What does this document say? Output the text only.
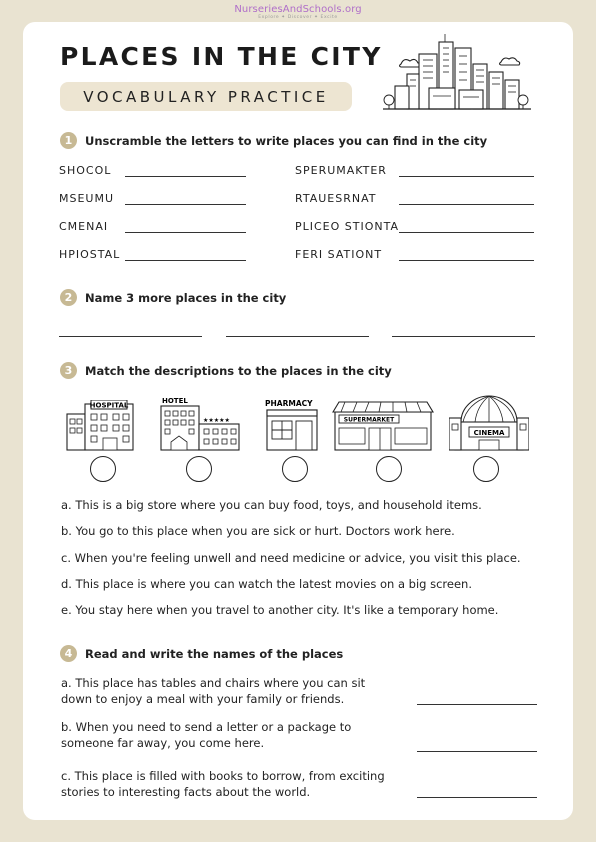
NurseriesAndSchools.org
Explore ✦ Discover ✦ Excite
PLACES IN THE CITY
VOCABULARY PRACTICE
1	Unscramble the letters to write places you can find in the city
SHOCOL
MSEUMU
CMENAI
HPIOSTAL
SPERUMAKTER
RTAUESRNAT
PLICEO STIONTA
FERI SATIONT
2	Name 3 more places in the city
3	Match the descriptions to the places in the city
HOSPITAL
HOTEL
★★★★★
PHARMACY
SUPERMARKET
CINEMA
a. This is a big store where you can buy food, toys, and household items.
b. You go to this place when you are sick or hurt. Doctors work here.
c. When you're feeling unwell and need medicine or advice, you visit this place.
d. This place is where you can watch the latest movies on a big screen.
e. You stay here when you travel to another city. It's like a temporary home.
4	Read and write the names of the places
a. This place has tables and chairs where you can sit down to enjoy a meal with your family or friends.
b. When you need to send a letter or a package to someone far away, you come here.
c. This place is filled with books to borrow, from exciting stories to interesting facts about the world.
